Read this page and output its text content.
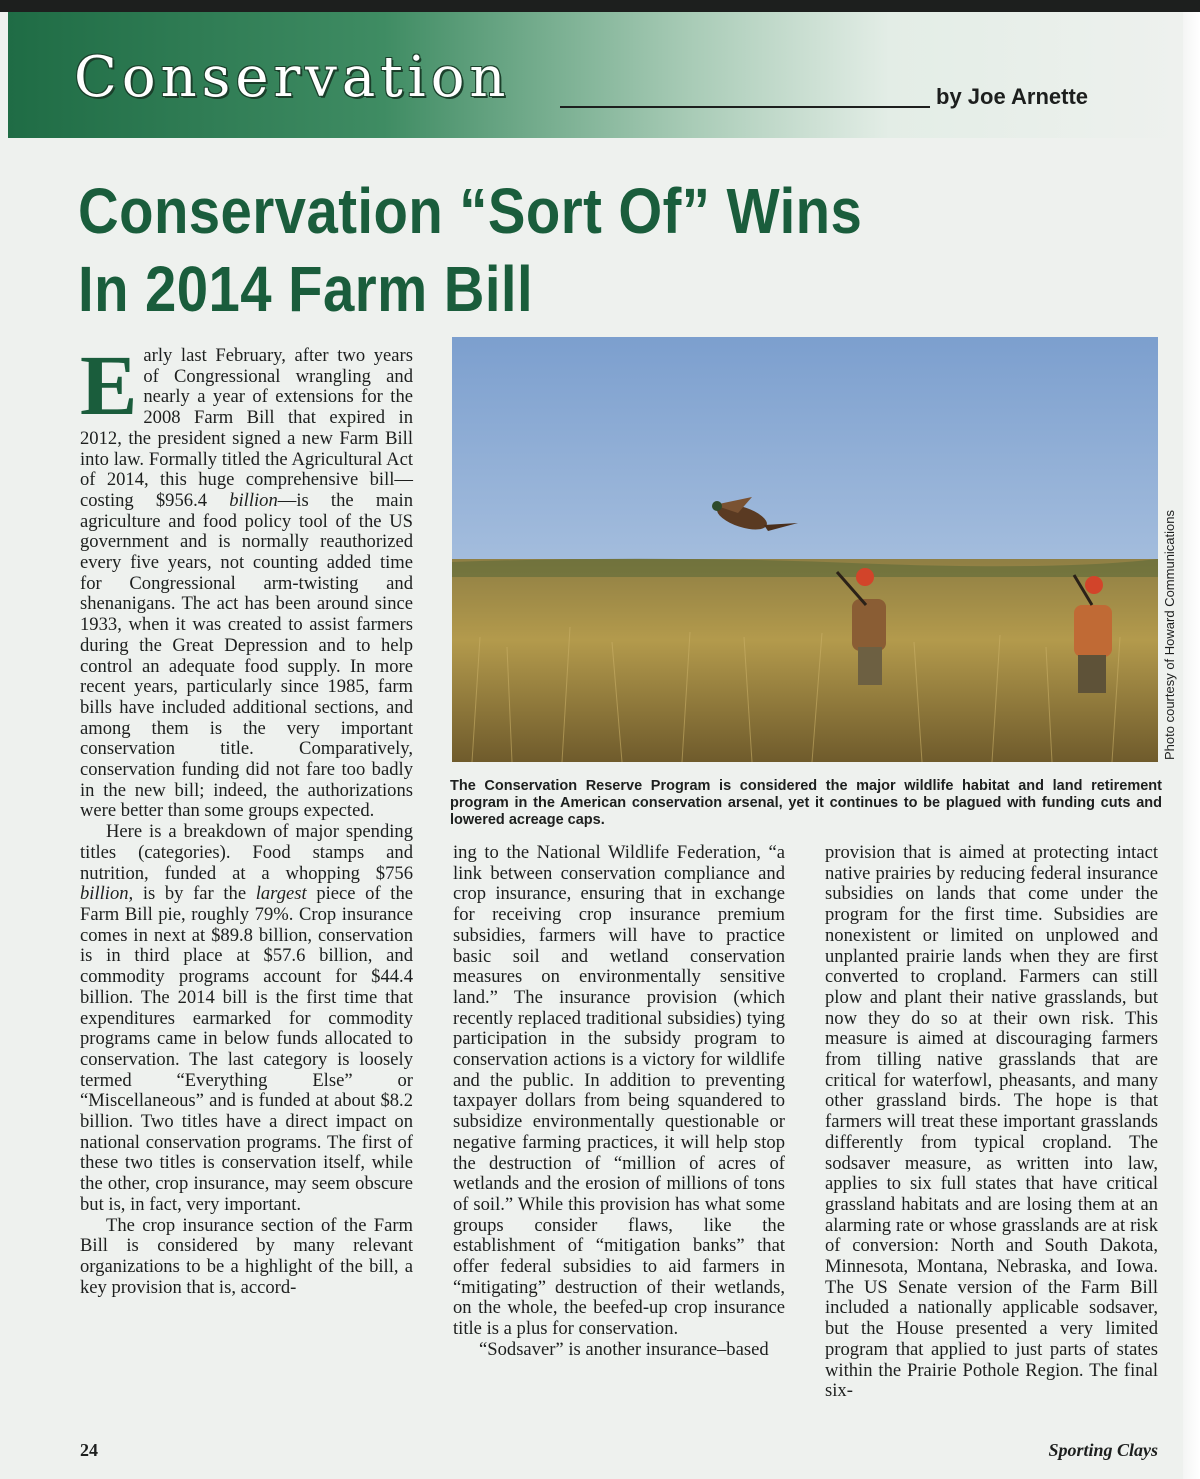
Conservation	by Joe Arnette
Conservation “Sort Of” Wins
In 2014 Farm Bill

Early last February, after two years of Congressional wrangling and nearly a year of extensions for the 2008 Farm Bill that expired in 2012, the president signed a new Farm Bill into law. Formally titled the Agricultural Act of 2014, this huge comprehensive bill—costing $956.4 billion—is the main agriculture and food policy tool of the US government and is normally reauthorized every five years, not counting added time for Congressional arm-twisting and shenanigans. The act has been around since 1933, when it was created to assist farmers during the Great Depression and to help control an adequate food supply. In more recent years, particularly since 1985, farm bills have included additional sections, and among them is the very important conservation title. Comparatively, conservation funding did not fare too badly in the new bill; indeed, the authorizations were better than some groups expected.

Here is a breakdown of major spending titles (categories). Food stamps and nutrition, funded at a whopping $756 billion, is by far the largest piece of the Farm Bill pie, roughly 79%. Crop insurance comes in next at $89.8 billion, conservation is in third place at $57.6 billion, and commodity programs account for $44.4 billion. The 2014 bill is the first time that expenditures earmarked for commodity programs came in below funds allocated to conservation. The last category is loosely termed “Everything Else” or “Miscellaneous” and is funded at about $8.2 billion. Two titles have a direct impact on national conservation programs. The first of these two titles is conservation itself, while the other, crop insurance, may seem obscure but is, in fact, very important.

The crop insurance section of the Farm Bill is considered by many relevant organizations to be a highlight of the bill, a key provision that is, accord-

Photo courtesy of Howard Communications
The Conservation Reserve Program is considered the major wildlife habitat and land retirement program in the American conservation arsenal, yet it continues to be plagued with funding cuts and lowered acreage caps.

ing to the National Wildlife Federation, “a link between conservation compliance and crop insurance, ensuring that in exchange for receiving crop insurance premium subsidies, farmers will have to practice basic soil and wetland conservation measures on environmentally sensitive land.” The insurance provision (which recently replaced traditional subsidies) tying participation in the subsidy program to conservation actions is a victory for wildlife and the public. In addition to preventing taxpayer dollars from being squandered to subsidize environmentally questionable or negative farming practices, it will help stop the destruction of “million of acres of wetlands and the erosion of millions of tons of soil.” While this provision has what some groups consider flaws, like the establishment of “mitigation banks” that offer federal subsidies to aid farmers in “mitigating” destruction of their wetlands, on the whole, the beefed-up crop insurance title is a plus for conservation.

“Sodsaver” is another insurance–based

provision that is aimed at protecting intact native prairies by reducing federal insurance subsidies on lands that come under the program for the first time. Subsidies are nonexistent or limited on unplowed and unplanted prairie lands when they are first converted to cropland. Farmers can still plow and plant their native grasslands, but now they do so at their own risk. This measure is aimed at discouraging farmers from tilling native grasslands that are critical for waterfowl, pheasants, and many other grassland birds. The hope is that farmers will treat these important grasslands differently from typical cropland. The sodsaver measure, as written into law, applies to six full states that have critical grassland habitats and are losing them at an alarming rate or whose grasslands are at risk of conversion: North and South Dakota, Minnesota, Montana, Nebraska, and Iowa. The US Senate version of the Farm Bill included a nationally applicable sodsaver, but the House presented a very limited program that applied to just parts of states within the Prairie Pothole Region. The final six-

24	Sporting Clays
